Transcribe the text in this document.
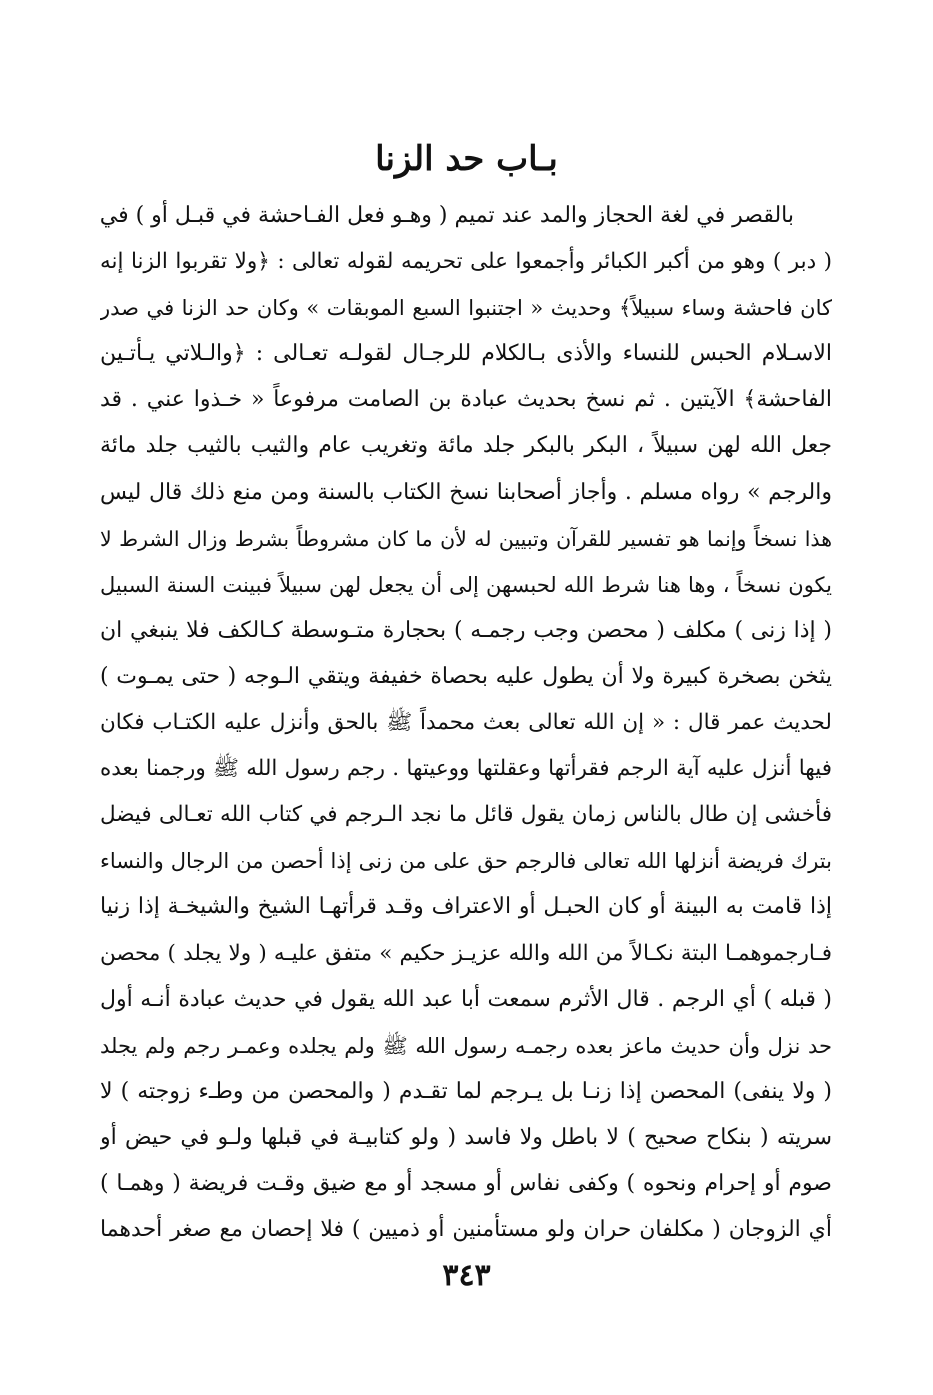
بـاب حد الزنا
بالقصر في لغة الحجاز والمد عند تميم ( وهـو فعل الفـاحشة في قبـل أو ) في
( دبر ) وهو من أكبر الكبائر وأجمعوا على تحريمه لقوله تعالى : ﴿ولا تقربوا الزنا إنه
كان فاحشة وساء سبيلاً﴾ وحديث « اجتنبوا السبع الموبقات » وكان حد الزنا في صدر
الاسـلام الحبس للنساء والأذى بـالكلام للرجـال لقولـه تعـالى : ﴿والـلاتي يـأتـين
الفاحشة﴾ الآيتين . ثم نسخ بحديث عبادة بن الصامت مرفوعاً « خـذوا عني . قد
جعل الله لهن سبيلاً ، البكر بالبكر جلد مائة وتغريب عام والثيب بالثيب جلد مائة
والرجم » رواه مسلم . وأجاز أصحابنا نسخ الكتاب بالسنة ومن منع ذلك قال ليس
هذا نسخاً وإنما هو تفسير للقرآن وتبيين له لأن ما كان مشروطاً بشرط وزال الشرط لا
يكون نسخاً ، وها هنا شرط الله لحبسهن إلى أن يجعل لهن سبيلاً فبينت السنة السبيل
( إذا زنى ) مكلف ( محصن وجب رجمـه ) بحجارة متـوسطة كـالكف فلا ينبغي ان
يثخن بصخرة كبيرة ولا أن يطول عليه بحصاة خفيفة ويتقي الـوجه ( حتى يمـوت )
لحديث عمر قال : « إن الله تعالى بعث محمداً ﷺ بالحق وأنزل عليه الكتـاب فكان
فيها أنزل عليه آية الرجم فقرأتها وعقلتها ووعيتها . رجم رسول الله ﷺ ورجمنا بعده
فأخشى إن طال بالناس زمان يقول قائل ما نجد الـرجم في كتاب الله تعـالى فيضل
بترك فريضة أنزلها الله تعالى فالرجم حق على من زنى إذا أحصن من الرجال والنساء
إذا قامت به البينة أو كان الحبـل أو الاعتراف وقـد قرأتهـا الشيخ والشيخـة إذا زنيا
فـارجموهمـا البتة نكـالاً من الله والله عزيـز حكيم » متفق عليـه ( ولا يجلد ) محصن
( قبله ) أي الرجم . قال الأثرم سمعت أبا عبد الله يقول في حديث عبادة أنـه أول
حد نزل وأن حديث ماعز بعده رجمـه رسول الله ﷺ ولم يجلده وعمـر رجم ولم يجلد
( ولا ينفى) المحصن إذا زنـا بل يـرجم لما تقـدم ( والمحصن من وطـء زوجته ) لا
سريته ( بنكاح صحيح ) لا باطل ولا فاسد ( ولو كتابيـة في قبلها ولـو في حيض أو
صوم أو إحرام ونحوه ) وكفى نفاس أو مسجد أو مع ضيق وقـت فريضة ( وهمـا )
أي الزوجان ( مكلفان حران ولو مستأمنين أو ذميين ) فلا إحصان مع صغر أحدهما
٣٤٣
